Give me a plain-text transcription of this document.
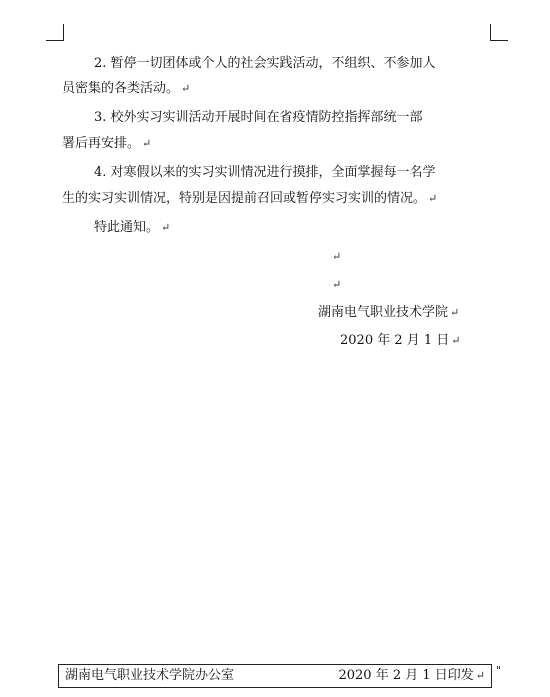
2. 暂停一切团体或个人的社会实践活动，不组织、不参加人
员密集的各类活动。 ↵
3. 校外实习实训活动开展时间在省疫情防控指挥部统一部
署后再安排。 ↵
4. 对寒假以来的实习实训情况进行摸排，全面掌握每一名学
生的实习实训情况，特别是因提前召回或暂停实习实训的情况。 ↵
特此通知。 ↵
↵
↵
湖南电气职业技术学院 ↵
2020 年 2 月 1 日 ↵
湖南电气职业技术学院办公室	2020 年 2 月 1 日印发 ↵ "
